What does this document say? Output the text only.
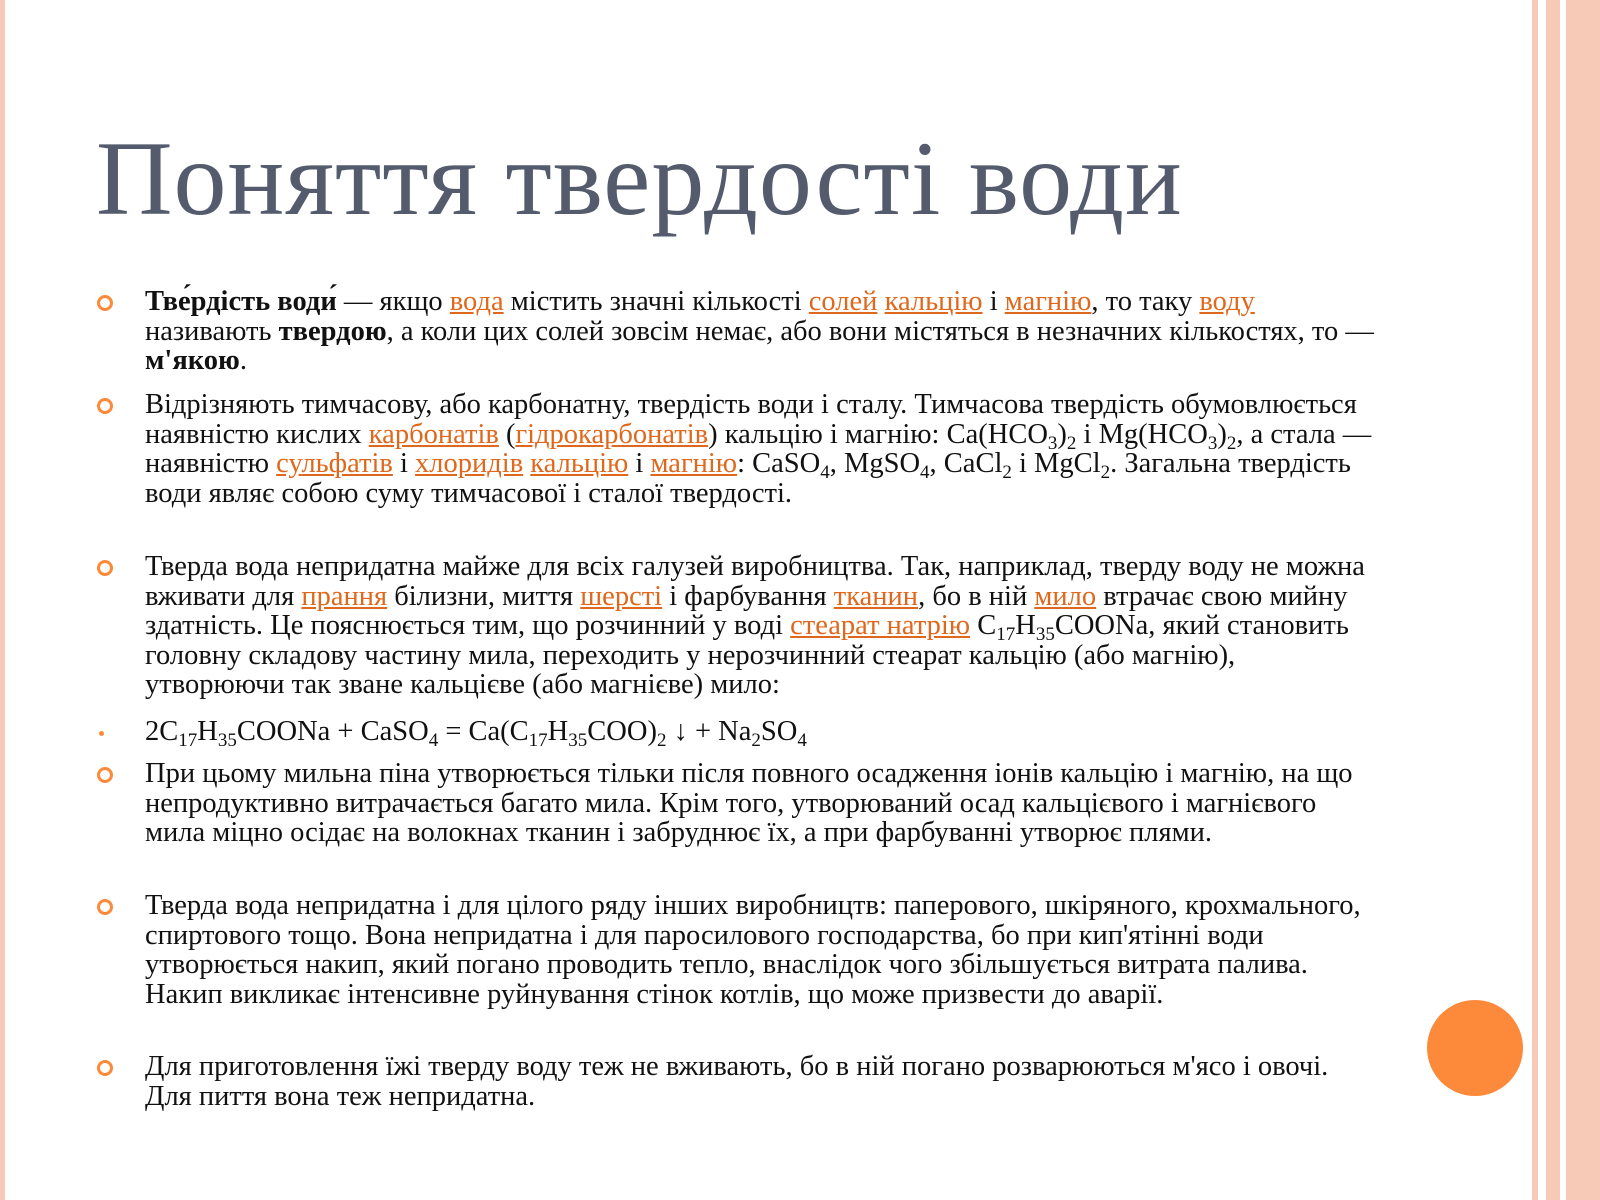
Поняття твердості води

Тве́рдість води́ — якщо вода містить значні кількості солей кальцію і магнію, то таку воду називають твердою, а коли цих солей зовсім немає, або вони містяться в незначних кількостях, то — м'якою.

Відрізняють тимчасову, або карбонатну, твердість води і сталу. Тимчасова твердість обумовлюється наявністю кислих карбонатів (гідрокарбонатів) кальцію і магнію: $Ca(HCO_3)_2$ і $Mg(HCO_3)_2$, а стала — наявністю сульфатів і хлоридів кальцію і магнію: CaSO$_4$, MgSO$_4$, CaCl$_2$ і MgCl$_2$. Загальна твердість води являє собою суму тимчасової і сталої твердості.

Тверда вода непридатна майже для всіх галузей виробництва. Так, наприклад, тверду воду не можна вживати для прання білизни, миття шерсті і фарбування тканин, бо в ній мило втрачає свою мийну здатність. Це пояснюється тим, що розчинний у воді стеарат натрію $C_{17}H_{35}COONa$, який становить головну складову частину мила, переходить у нерозчинний стеарат кальцію (або магнію), утворюючи так зване кальцієве (або магнієве) мило:

$2C_{17}H_{35}COONa$ + CaSO$_4$ = $Ca(C_{17}H_{35}COO)_2$ ↓ + $Na_2SO_4$

При цьому мильна піна утворюється тільки після повного осадження іонів кальцію і магнію, на що непродуктивно витрачається багато мила. Крім того, утворюваний осад кальцієвого і магнієвого мила міцно осідає на волокнах тканин і забруднює їх, а при фарбуванні утворює плями.

Тверда вода непридатна і для цілого ряду інших виробництв: паперового, шкіряного, крохмального, спиртового тощо. Вона непридатна і для паросилового господарства, бо при кип'ятінні води утворюється накип, який погано проводить тепло, внаслідок чого збільшується витрата палива. Накип викликає інтенсивне руйнування стінок котлів, що може призвести до аварії.

Для приготовлення їжі тверду воду теж не вживають, бо в ній погано розварюються м'ясо і овочі. Для пиття вона теж непридатна.
